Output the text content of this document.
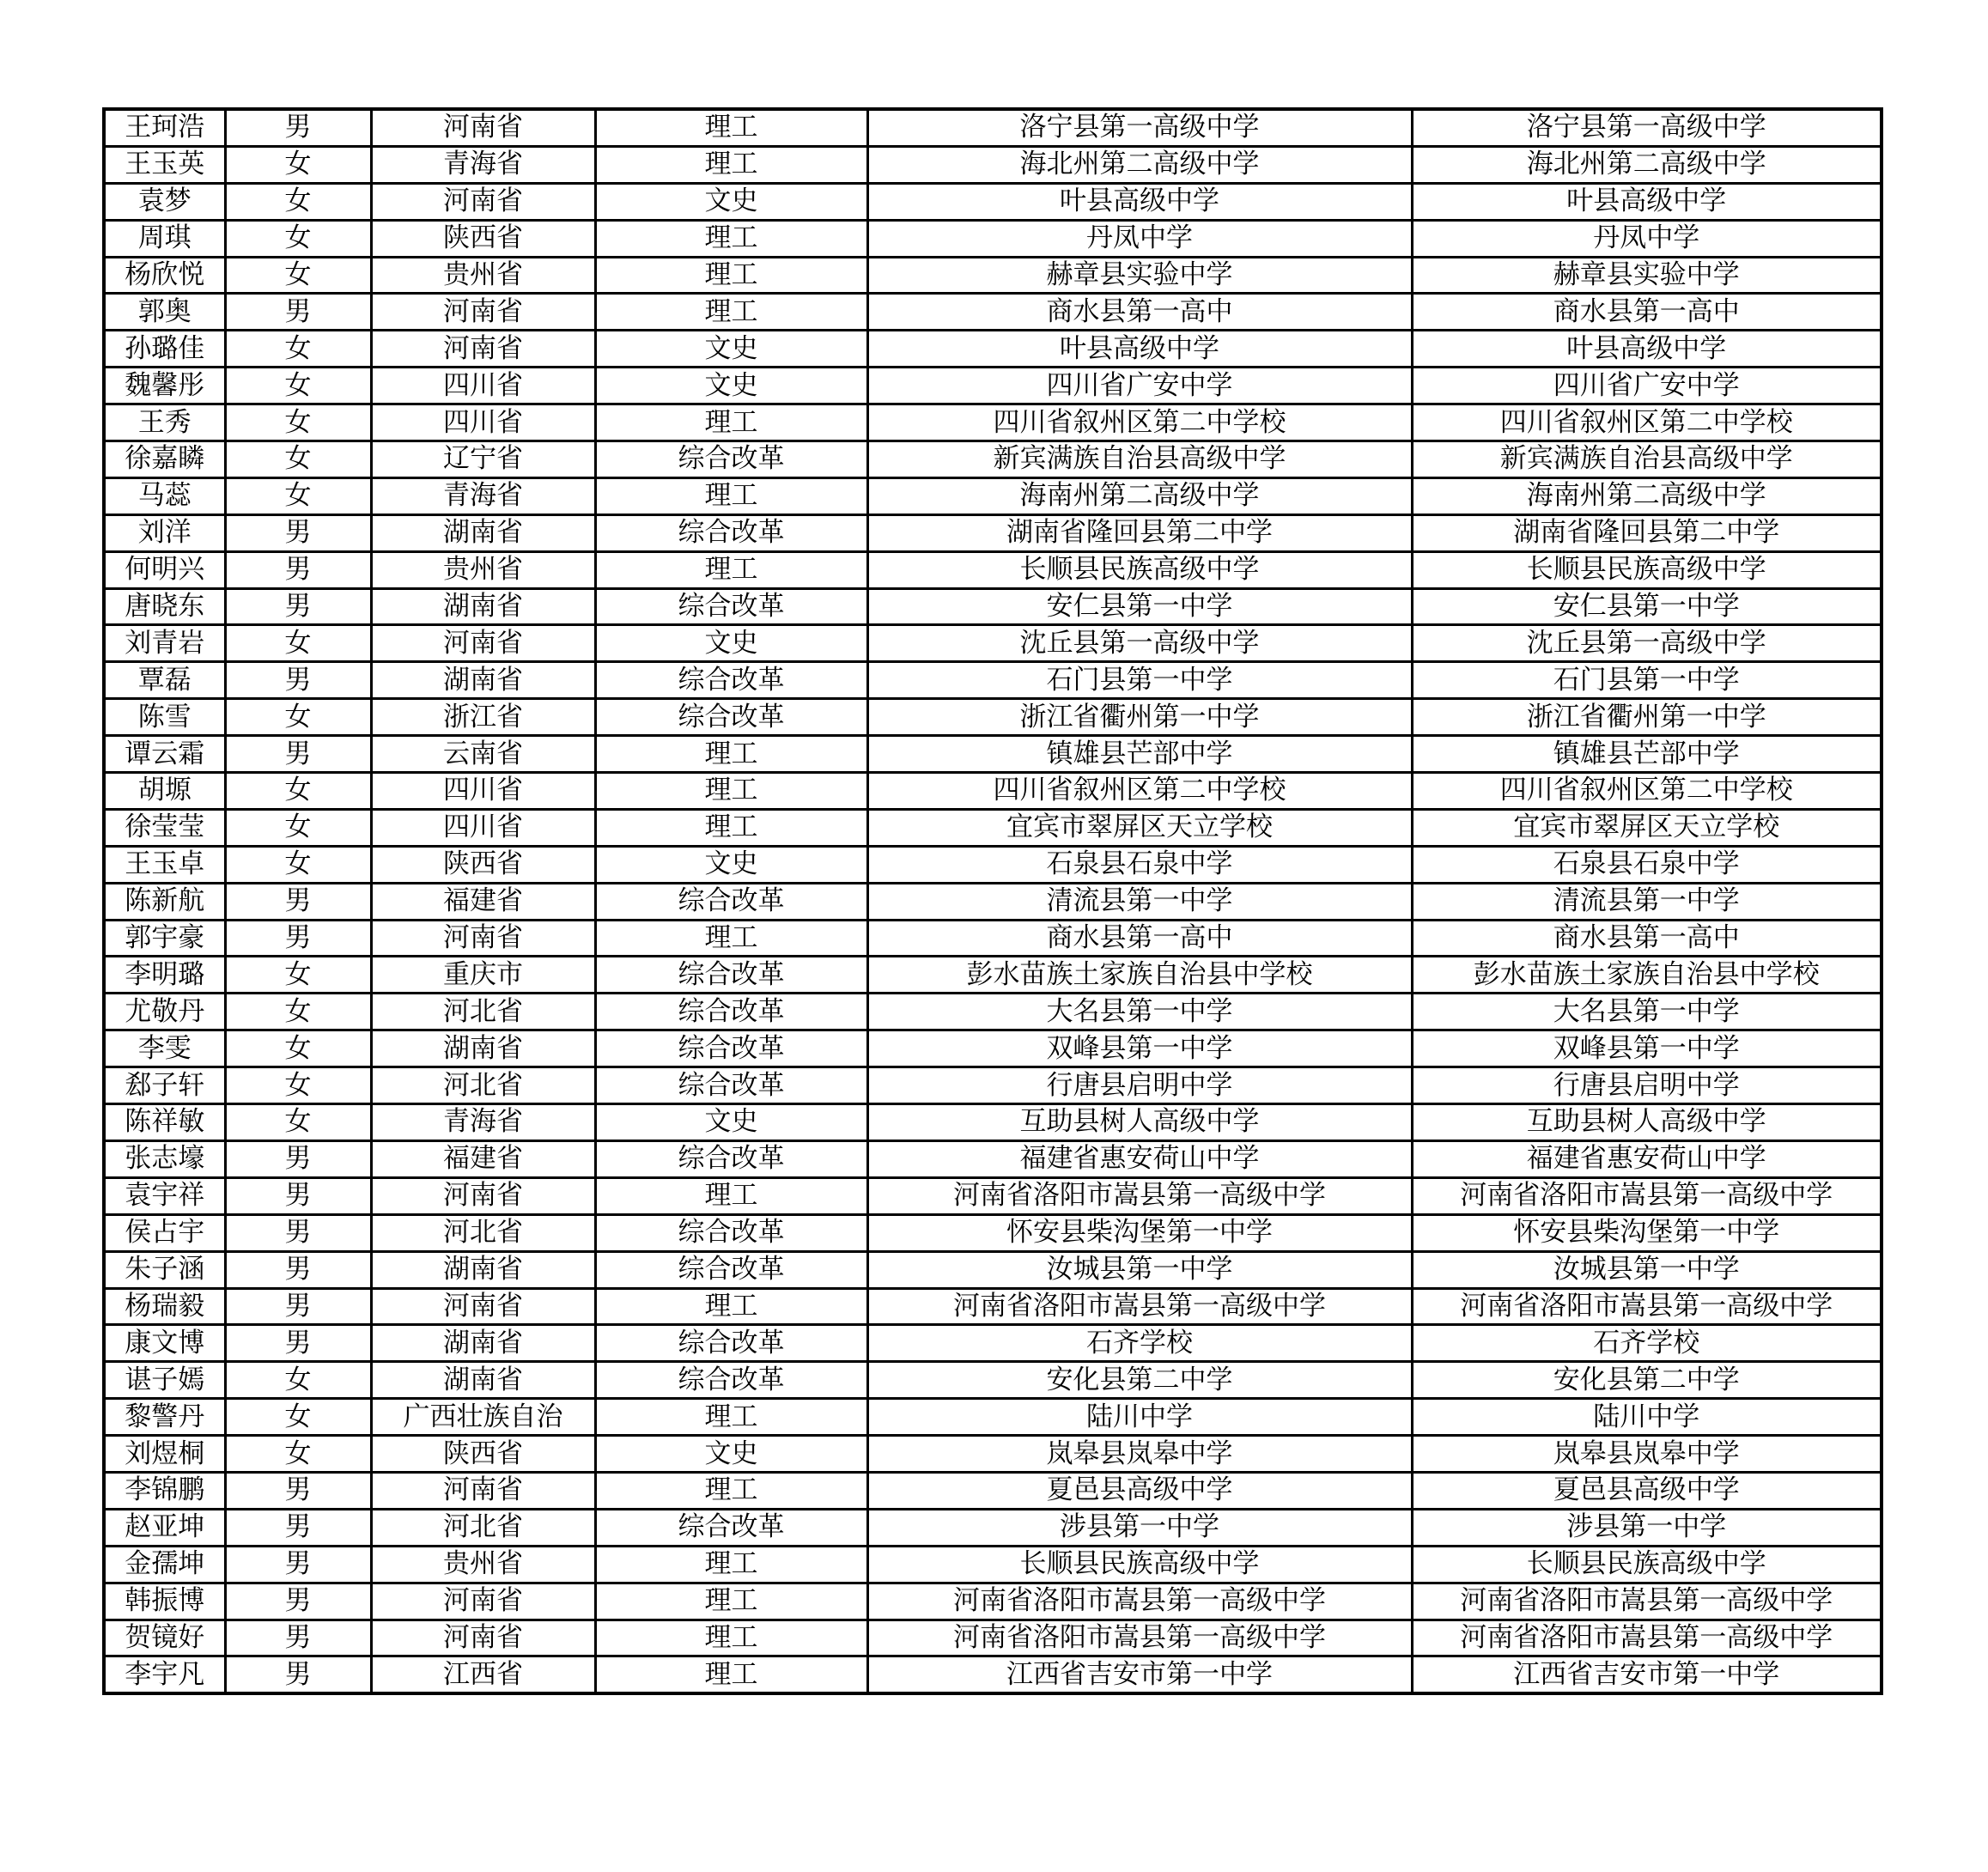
王珂浩	男	河南省	理工	洛宁县第一高级中学	洛宁县第一高级中学
王玉英	女	青海省	理工	海北州第二高级中学	海北州第二高级中学
袁梦	女	河南省	文史	叶县高级中学	叶县高级中学
周琪	女	陕西省	理工	丹凤中学	丹凤中学
杨欣悦	女	贵州省	理工	赫章县实验中学	赫章县实验中学
郭奥	男	河南省	理工	商水县第一高中	商水县第一高中
孙璐佳	女	河南省	文史	叶县高级中学	叶县高级中学
魏馨彤	女	四川省	文史	四川省广安中学	四川省广安中学
王秀	女	四川省	理工	四川省叙州区第二中学校	四川省叙州区第二中学校
徐嘉瞵	女	辽宁省	综合改革	新宾满族自治县高级中学	新宾满族自治县高级中学
马蕊	女	青海省	理工	海南州第二高级中学	海南州第二高级中学
刘洋	男	湖南省	综合改革	湖南省隆回县第二中学	湖南省隆回县第二中学
何明兴	男	贵州省	理工	长顺县民族高级中学	长顺县民族高级中学
唐晓东	男	湖南省	综合改革	安仁县第一中学	安仁县第一中学
刘青岩	女	河南省	文史	沈丘县第一高级中学	沈丘县第一高级中学
覃磊	男	湖南省	综合改革	石门县第一中学	石门县第一中学
陈雪	女	浙江省	综合改革	浙江省衢州第一中学	浙江省衢州第一中学
谭云霜	男	云南省	理工	镇雄县芒部中学	镇雄县芒部中学
胡塬	女	四川省	理工	四川省叙州区第二中学校	四川省叙州区第二中学校
徐莹莹	女	四川省	理工	宜宾市翠屏区天立学校	宜宾市翠屏区天立学校
王玉卓	女	陕西省	文史	石泉县石泉中学	石泉县石泉中学
陈新航	男	福建省	综合改革	清流县第一中学	清流县第一中学
郭宇豪	男	河南省	理工	商水县第一高中	商水县第一高中
李明璐	女	重庆市	综合改革	彭水苗族土家族自治县中学校	彭水苗族土家族自治县中学校
尤敬丹	女	河北省	综合改革	大名县第一中学	大名县第一中学
李雯	女	湖南省	综合改革	双峰县第一中学	双峰县第一中学
郄子轩	女	河北省	综合改革	行唐县启明中学	行唐县启明中学
陈祥敏	女	青海省	文史	互助县树人高级中学	互助县树人高级中学
张志壕	男	福建省	综合改革	福建省惠安荷山中学	福建省惠安荷山中学
袁宇祥	男	河南省	理工	河南省洛阳市嵩县第一高级中学	河南省洛阳市嵩县第一高级中学
侯占宇	男	河北省	综合改革	怀安县柴沟堡第一中学	怀安县柴沟堡第一中学
朱子涵	男	湖南省	综合改革	汝城县第一中学	汝城县第一中学
杨瑞毅	男	河南省	理工	河南省洛阳市嵩县第一高级中学	河南省洛阳市嵩县第一高级中学
康文博	男	湖南省	综合改革	石齐学校	石齐学校
谌子嫣	女	湖南省	综合改革	安化县第二中学	安化县第二中学
黎警丹	女	广西壮族自治	理工	陆川中学	陆川中学
刘煜桐	女	陕西省	文史	岚皋县岚皋中学	岚皋县岚皋中学
李锦鹏	男	河南省	理工	夏邑县高级中学	夏邑县高级中学
赵亚坤	男	河北省	综合改革	涉县第一中学	涉县第一中学
金孺坤	男	贵州省	理工	长顺县民族高级中学	长顺县民族高级中学
韩振博	男	河南省	理工	河南省洛阳市嵩县第一高级中学	河南省洛阳市嵩县第一高级中学
贺镜好	男	河南省	理工	河南省洛阳市嵩县第一高级中学	河南省洛阳市嵩县第一高级中学
李宇凡	男	江西省	理工	江西省吉安市第一中学	江西省吉安市第一中学
